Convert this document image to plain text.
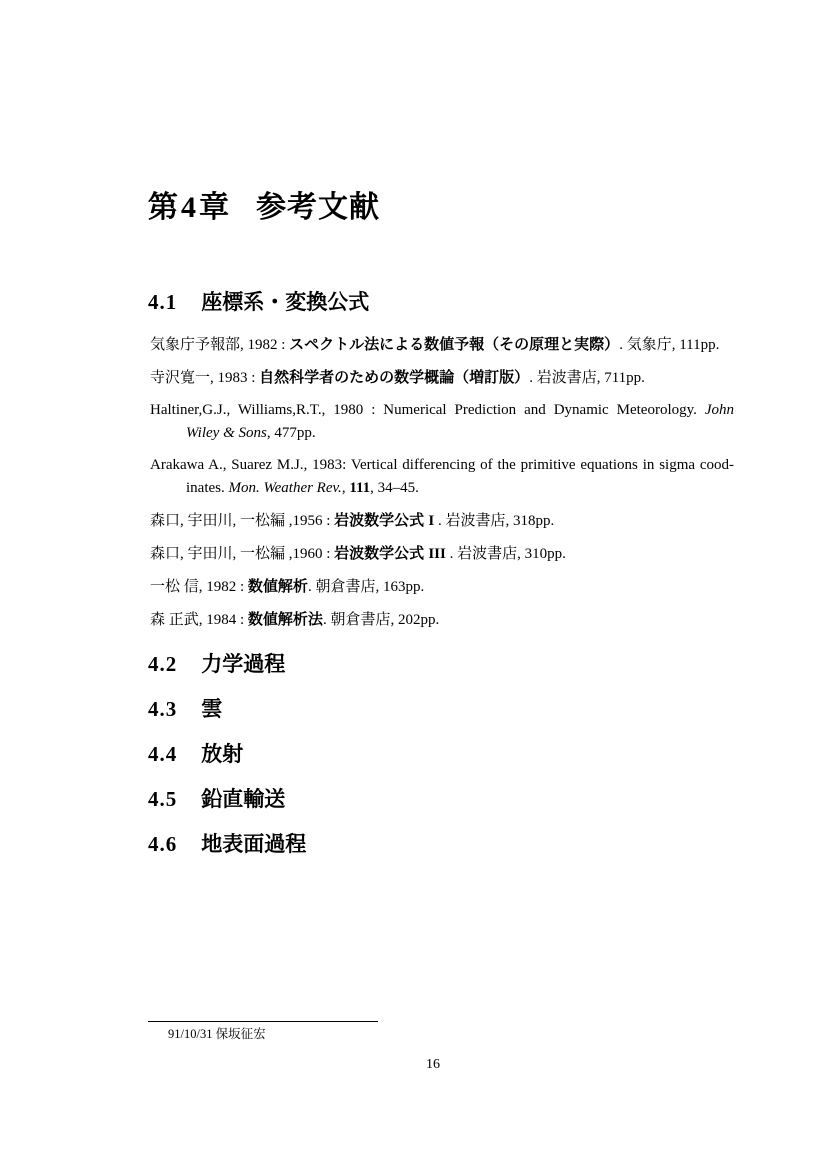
第4章 参考文献
4.1 座標系・変換公式
気象庁予報部, 1982 : スペクトル法による数値予報（その原理と実際）. 気象庁, 111pp.
寺沢寛一, 1983 : 自然科学者のための数学概論（増訂版）. 岩波書店, 711pp.
Haltiner,G.J., Williams,R.T., 1980 : Numerical Prediction and Dynamic Meteorology. John
Wiley & Sons, 477pp.
Arakawa A., Suarez M.J., 1983: Vertical differencing of the primitive equations in sigma cood-
inates. Mon. Weather Rev., 111, 34–45.
森口, 宇田川, 一松編 ,1956 : 岩波数学公式 I . 岩波書店, 318pp.
森口, 宇田川, 一松編 ,1960 : 岩波数学公式 III . 岩波書店, 310pp.
一松 信, 1982 : 数値解析. 朝倉書店, 163pp.
森 正武, 1984 : 数値解析法. 朝倉書店, 202pp.
4.2 力学過程
4.3 雲
4.4 放射
4.5 鉛直輸送
4.6 地表面過程
91/10/31 保坂征宏
16
